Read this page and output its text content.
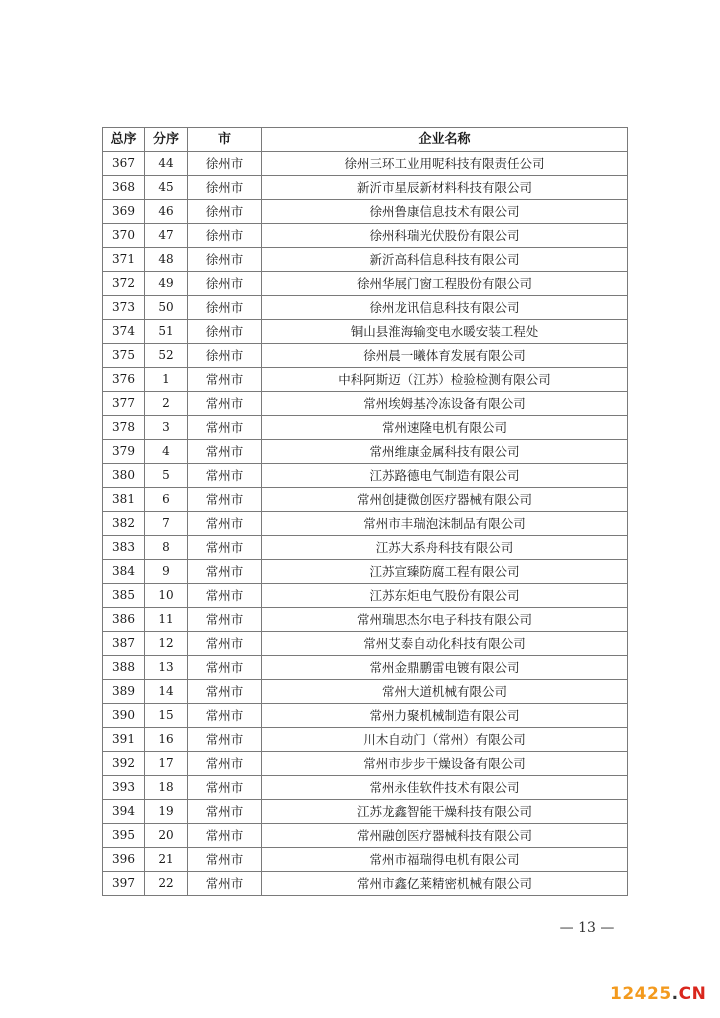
总序	分序	市	企业名称
367	44	徐州市	徐州三环工业用呢科技有限责任公司
368	45	徐州市	新沂市星辰新材料科技有限公司
369	46	徐州市	徐州鲁康信息技术有限公司
370	47	徐州市	徐州科瑞光伏股份有限公司
371	48	徐州市	新沂高科信息科技有限公司
372	49	徐州市	徐州华展门窗工程股份有限公司
373	50	徐州市	徐州龙讯信息科技有限公司
374	51	徐州市	铜山县淮海输变电水暖安装工程处
375	52	徐州市	徐州晨一曦体育发展有限公司
376	1	常州市	中科阿斯迈（江苏）检验检测有限公司
377	2	常州市	常州埃姆基冷冻设备有限公司
378	3	常州市	常州速隆电机有限公司
379	4	常州市	常州维康金属科技有限公司
380	5	常州市	江苏路德电气制造有限公司
381	6	常州市	常州创捷微创医疗器械有限公司
382	7	常州市	常州市丰瑞泡沫制品有限公司
383	8	常州市	江苏大系舟科技有限公司
384	9	常州市	江苏宣臻防腐工程有限公司
385	10	常州市	江苏东炬电气股份有限公司
386	11	常州市	常州瑞思杰尔电子科技有限公司
387	12	常州市	常州艾泰自动化科技有限公司
388	13	常州市	常州金鼎鹏雷电镀有限公司
389	14	常州市	常州大道机械有限公司
390	15	常州市	常州力聚机械制造有限公司
391	16	常州市	川木自动门（常州）有限公司
392	17	常州市	常州市步步干燥设备有限公司
393	18	常州市	常州永佳软件技术有限公司
394	19	常州市	江苏龙鑫智能干燥科技有限公司
395	20	常州市	常州融创医疗器械科技有限公司
396	21	常州市	常州市福瑞得电机有限公司
397	22	常州市	常州市鑫亿莱精密机械有限公司
— 13 —
12425.CN
